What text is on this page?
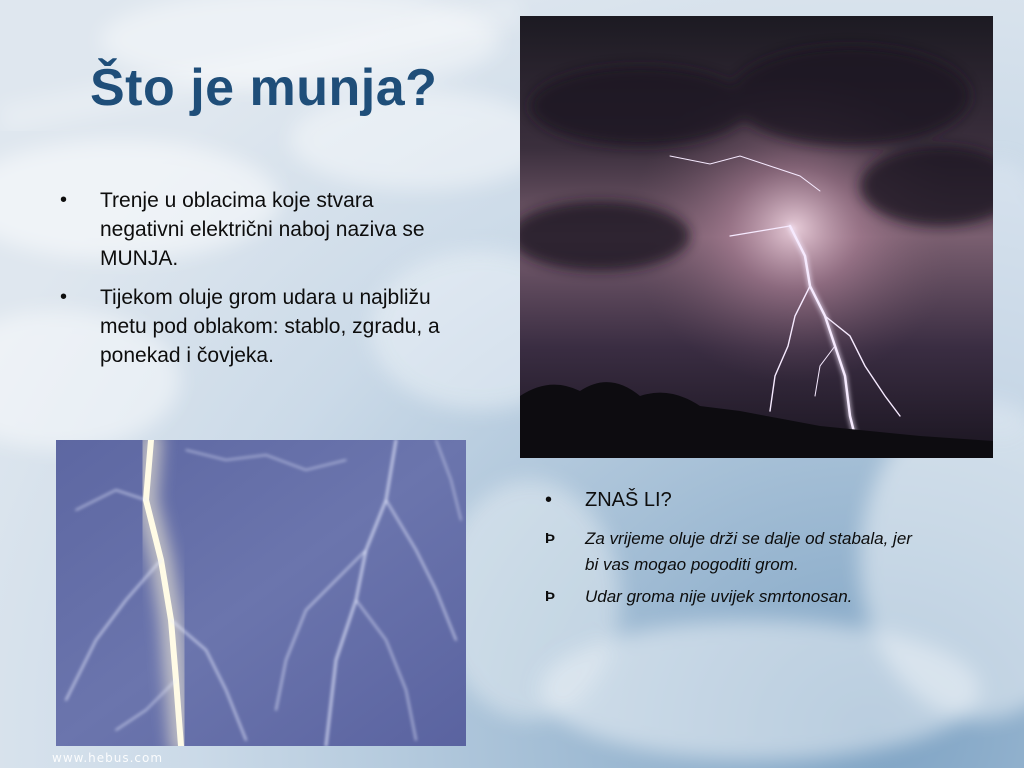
Što je munja?
• Trenje u oblacima koje stvara negativni električni naboj naziva se MUNJA.
• Tijekom oluje grom udara u najbližu metu pod oblakom: stablo, zgradu, a ponekad i čovjeka.
www.hebus.com
• ZNAŠ LI?
Þ Za vrijeme oluje drži se dalje od stabala, jer bi vas mogao pogoditi grom.
Þ Udar groma nije uvijek smrtonosan.
